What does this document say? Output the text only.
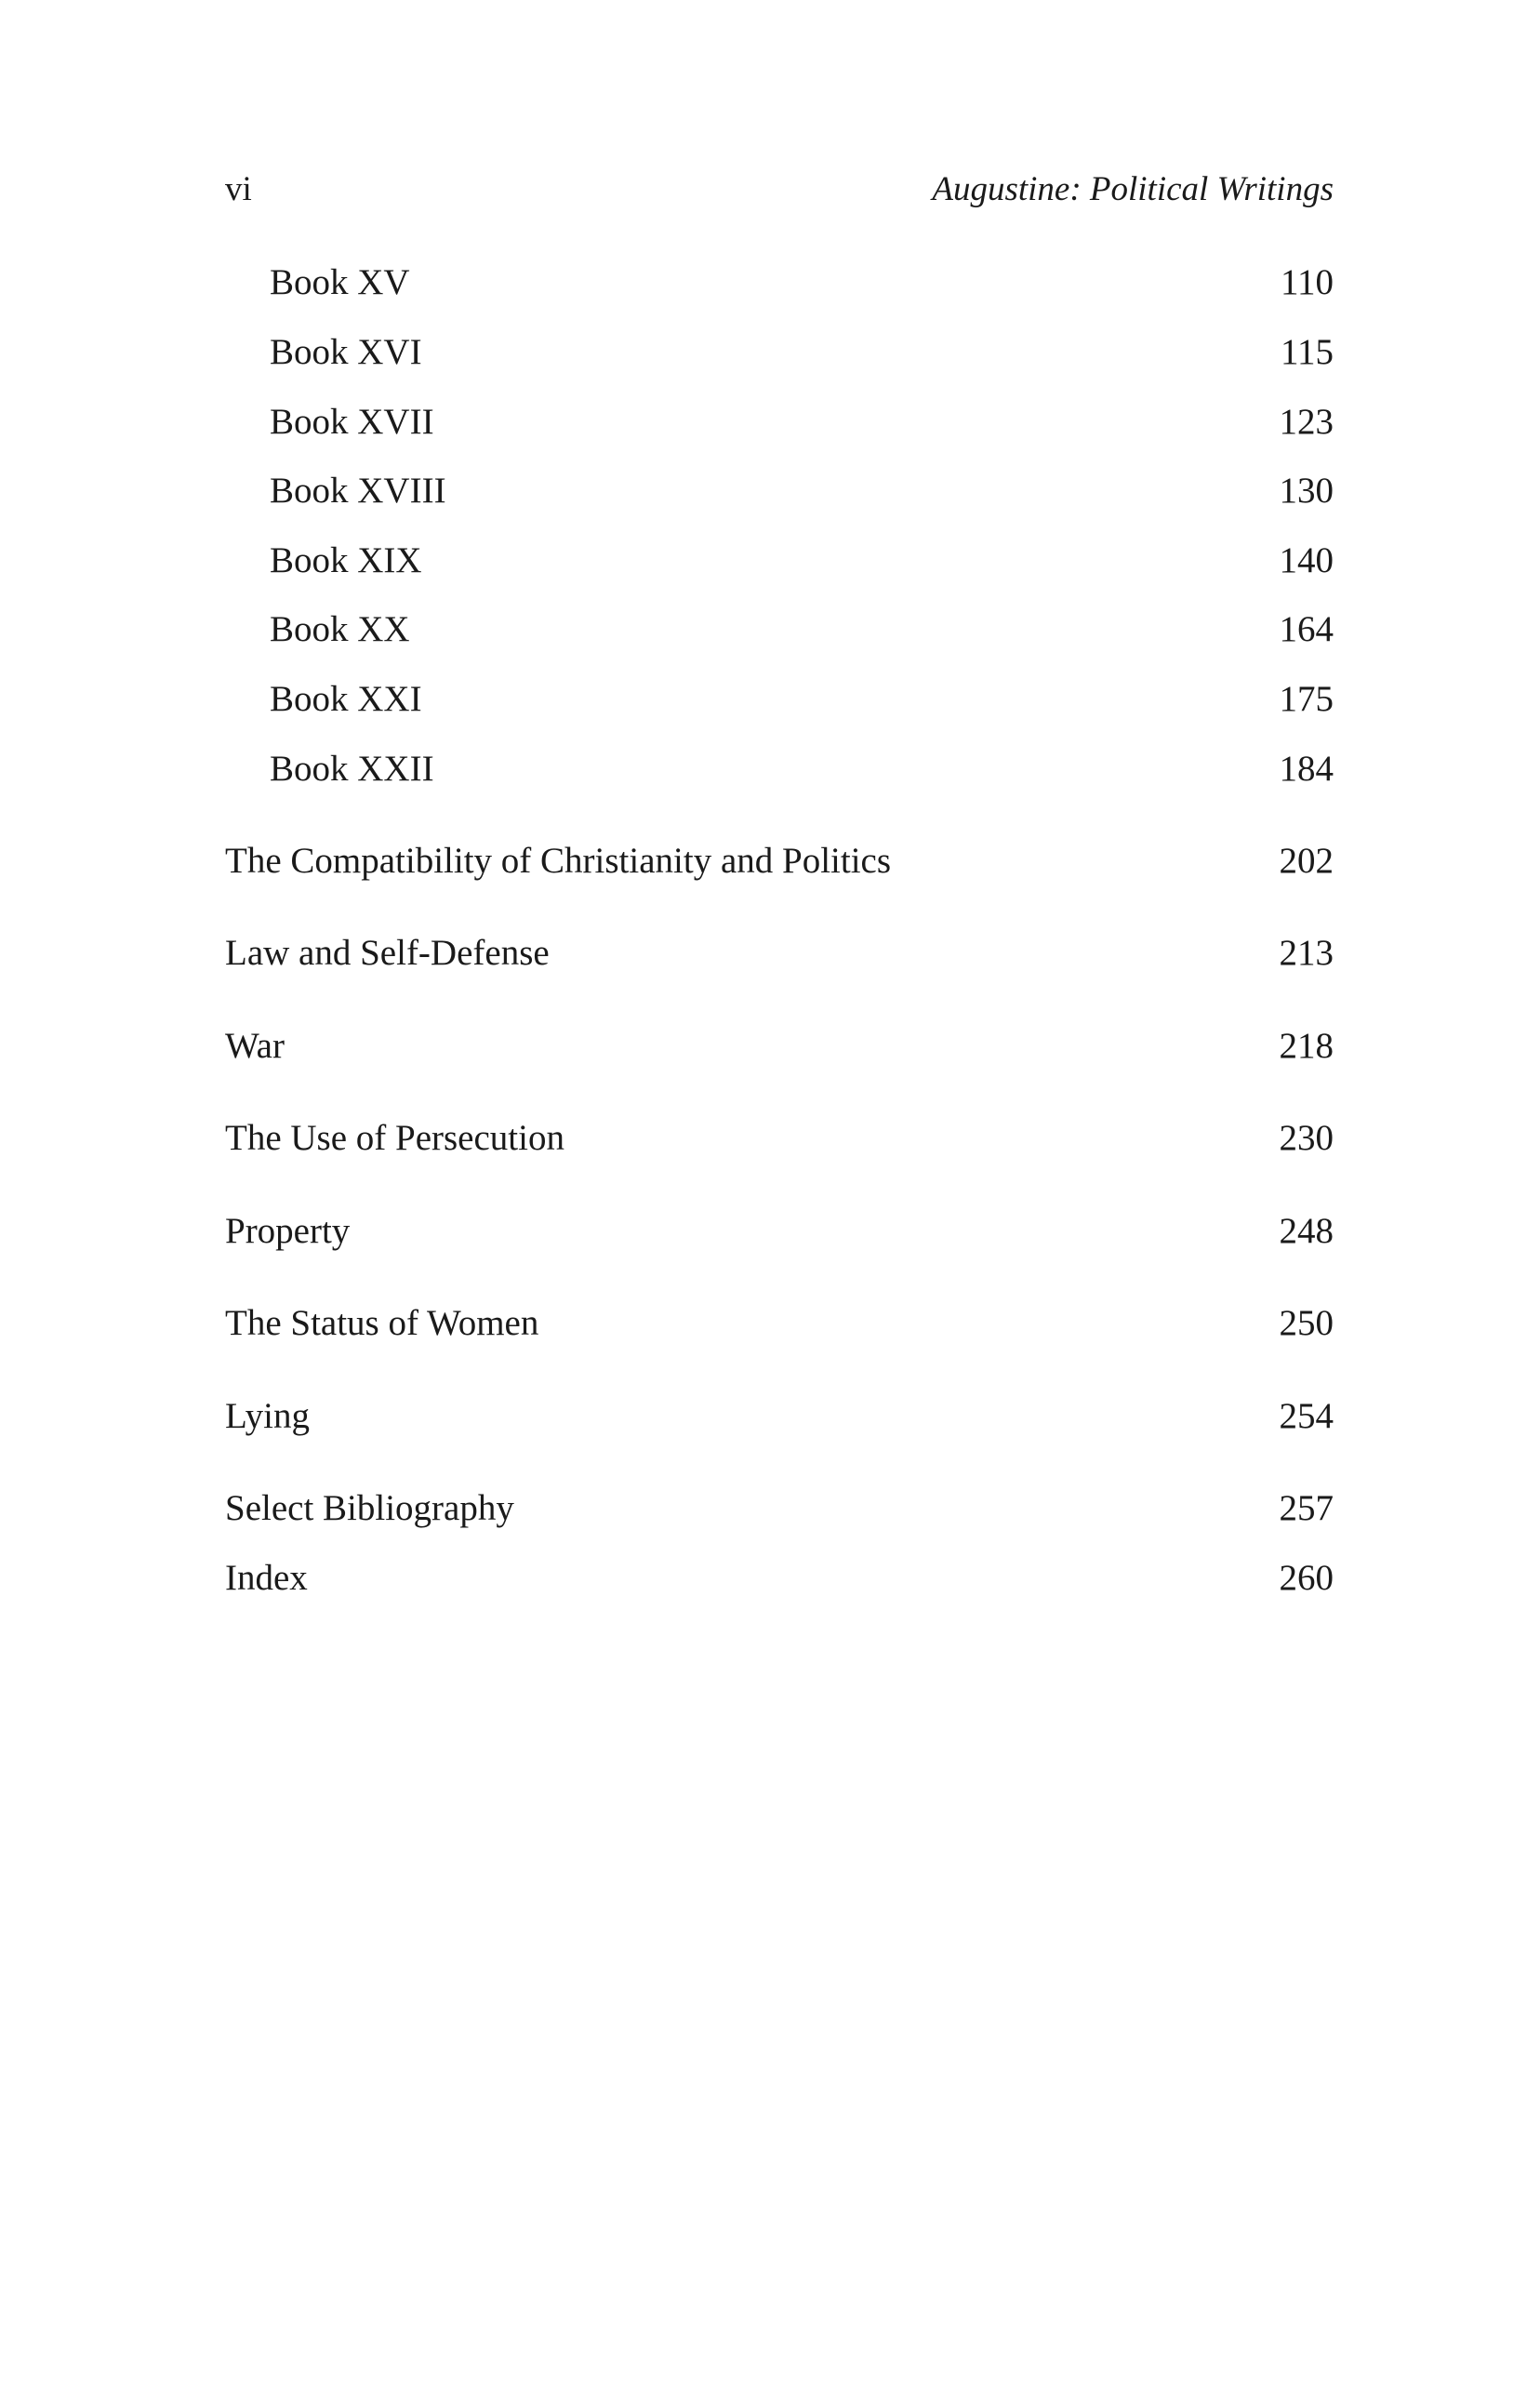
vi	Augustine: Political Writings
Book XV	110
Book XVI	115
Book XVII	123
Book XVIII	130
Book XIX	140
Book XX	164
Book XXI	175
Book XXII	184
The Compatibility of Christianity and Politics	202
Law and Self-Defense	213
War	218
The Use of Persecution	230
Property	248
The Status of Women	250
Lying	254
Select Bibliography	257
Index	260
